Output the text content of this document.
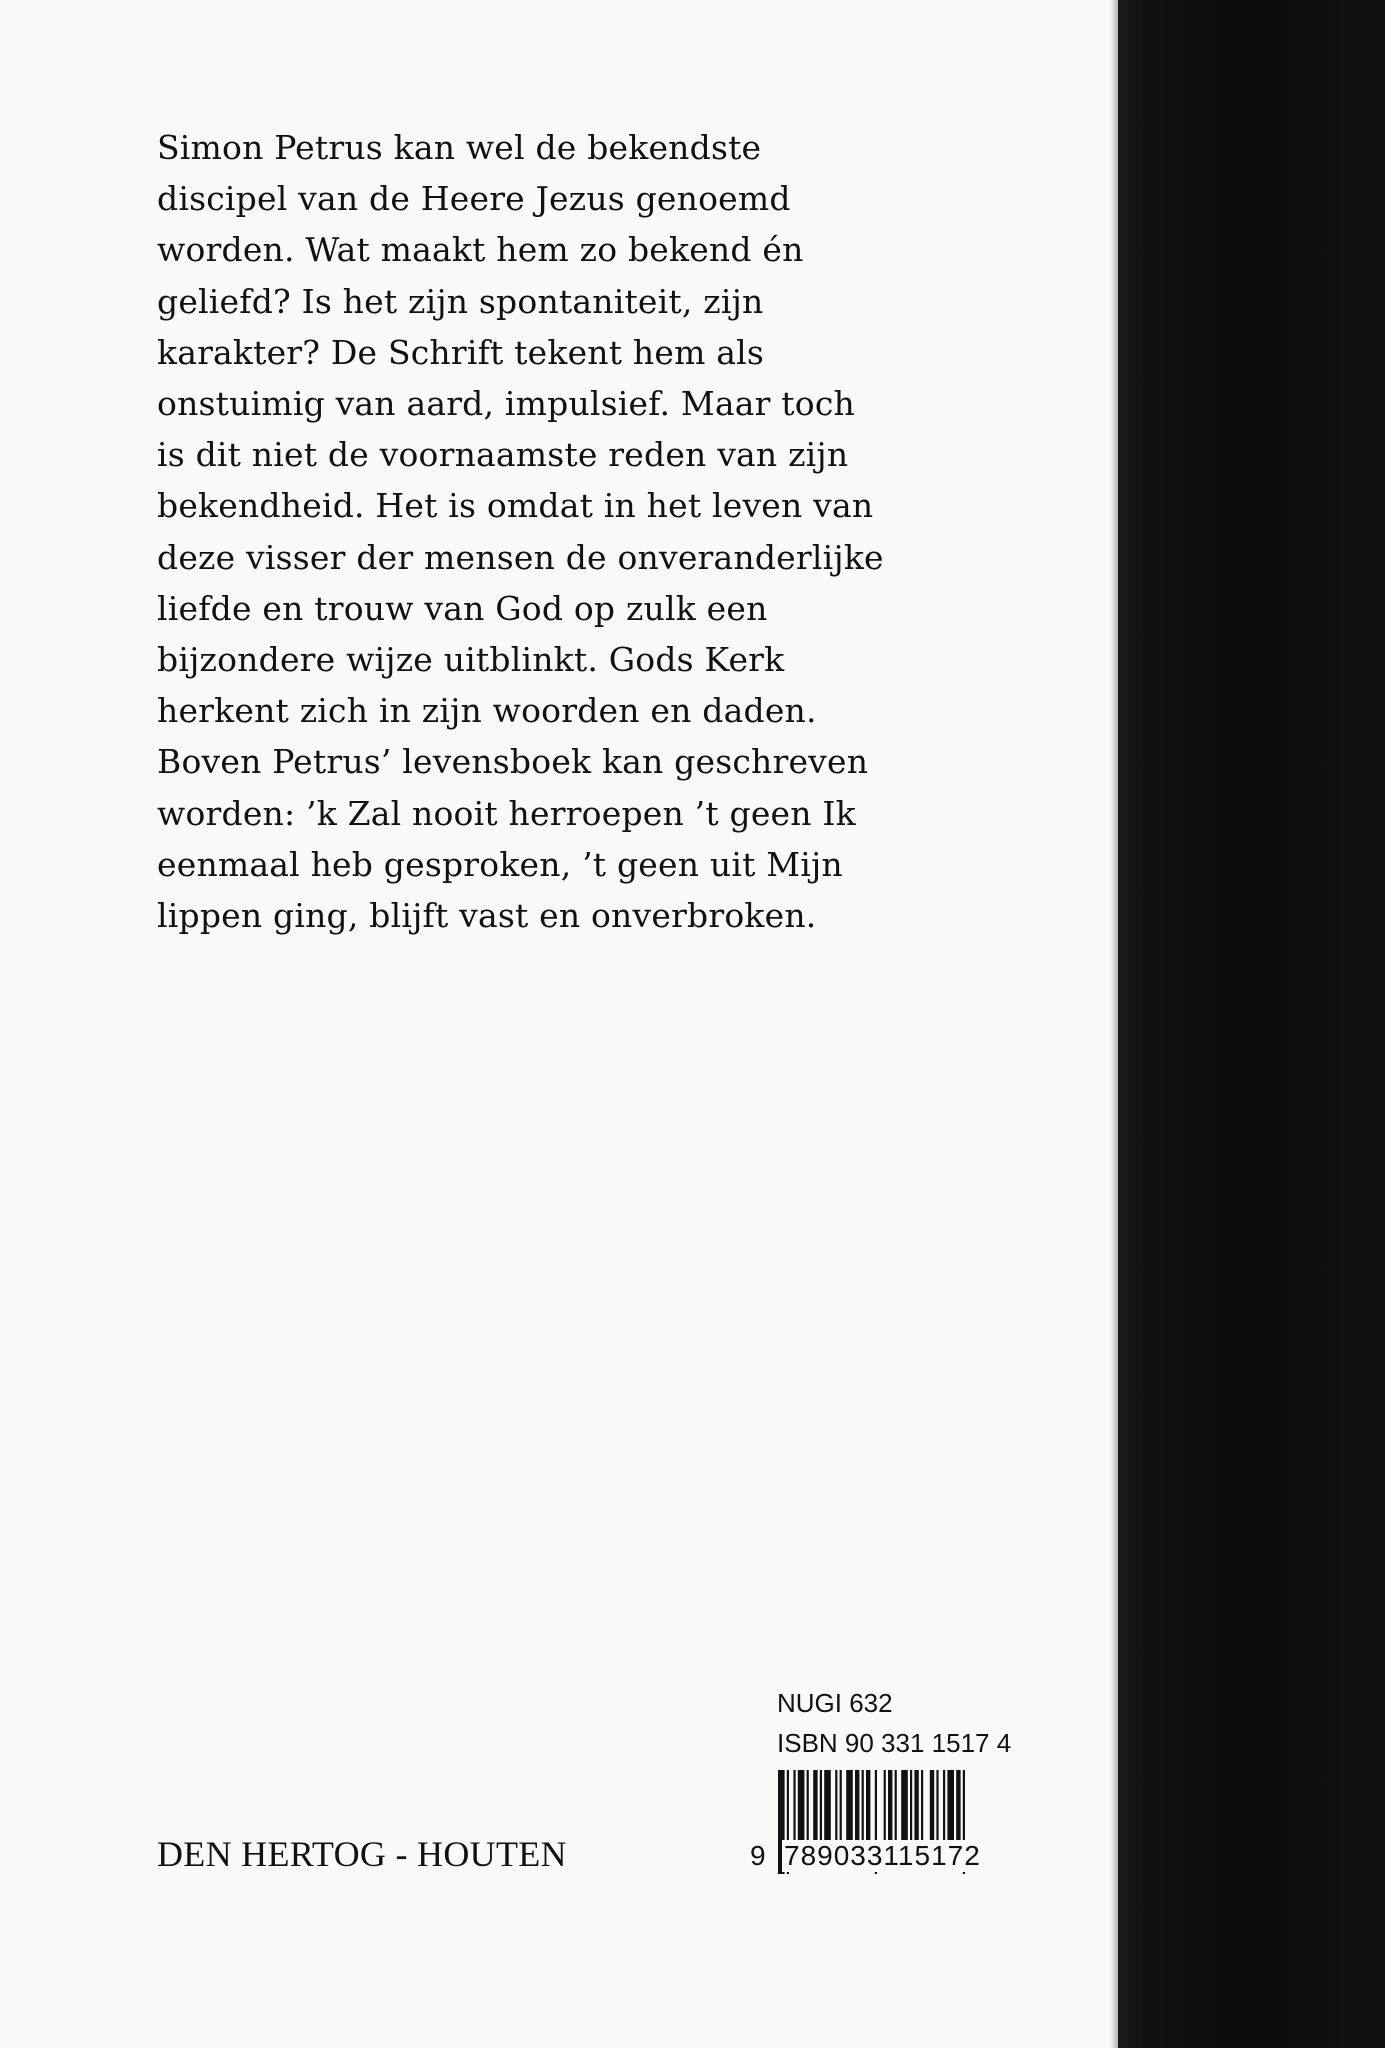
Simon Petrus kan wel de bekendste
discipel van de Heere Jezus genoemd
worden. Wat maakt hem zo bekend én
geliefd? Is het zijn spontaniteit, zijn
karakter? De Schrift tekent hem als
onstuimig van aard, impulsief. Maar toch
is dit niet de voornaamste reden van zijn
bekendheid. Het is omdat in het leven van
deze visser der mensen de onveranderlijke
liefde en trouw van God op zulk een
bijzondere wijze uitblinkt. Gods Kerk
herkent zich in zijn woorden en daden.
Boven Petrus’ levensboek kan geschreven
worden: ’k Zal nooit herroepen ’t geen Ik
eenmaal heb gesproken, ’t geen uit Mijn
lippen ging, blijft vast en onverbroken.

NUGI 632
ISBN 90 331 1517 4
9 789033115172
DEN HERTOG - HOUTEN
